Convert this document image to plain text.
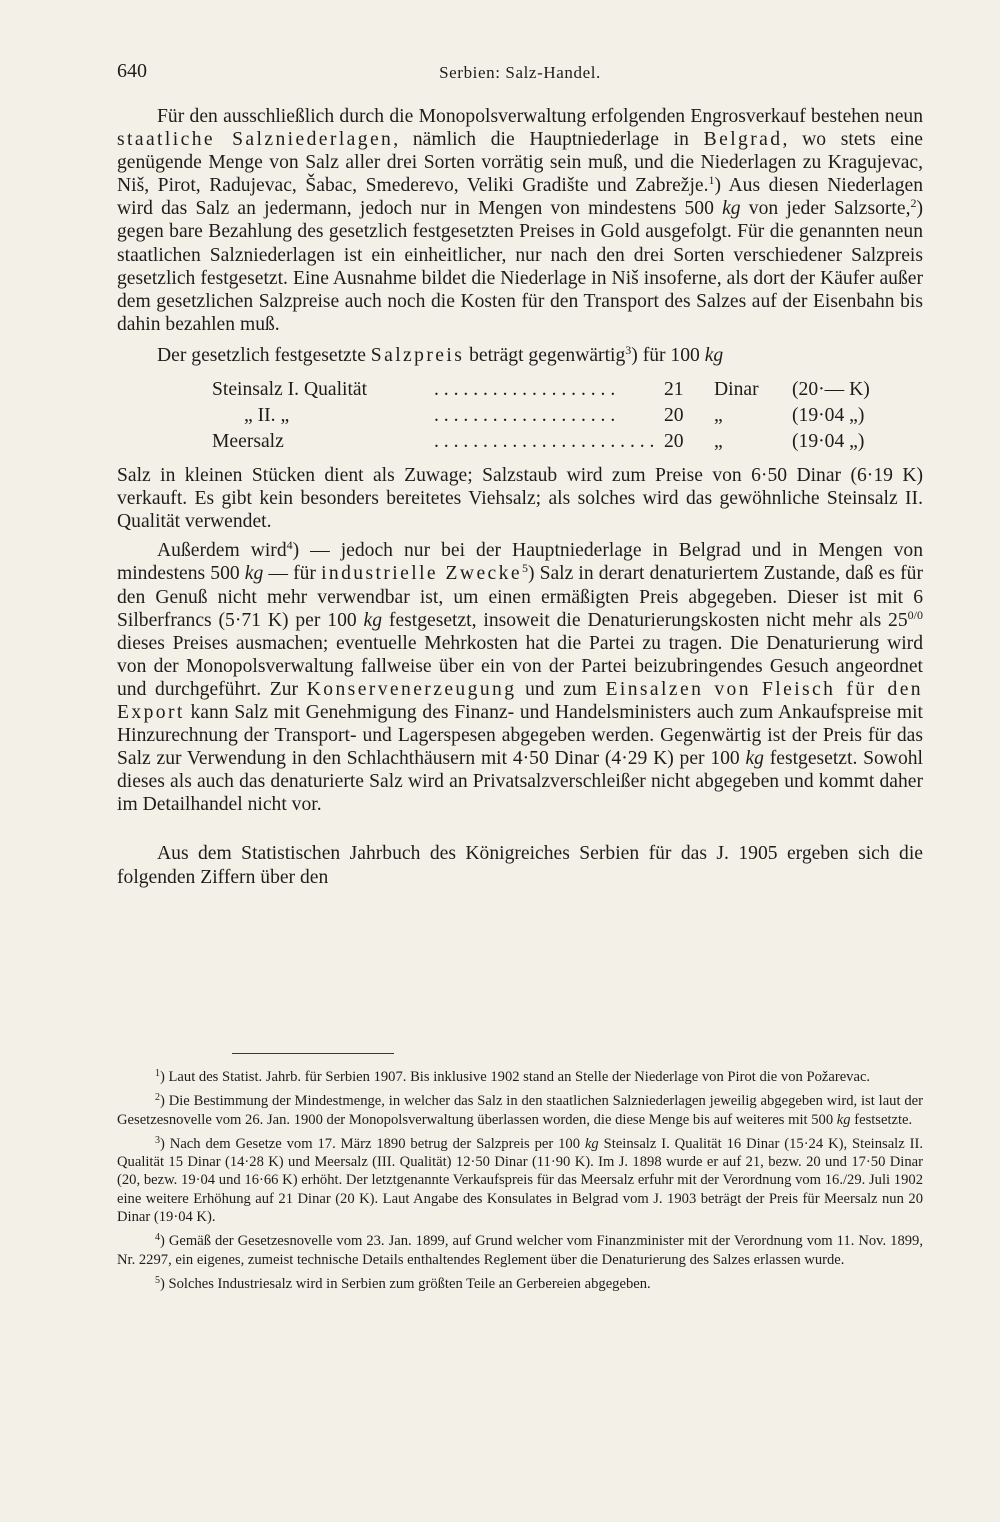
640	Serbien: Salz-Handel.

Für den ausschließlich durch die Monopolsverwaltung erfolgenden Engrosverkauf bestehen neun staatliche Salzniederlagen, nämlich die Hauptniederlage in Belgrad, wo stets eine genügende Menge von Salz aller drei Sorten vorrätig sein muß, und die Niederlagen zu Kragujevac, Niš, Pirot, Radujevac, Šabac, Smederevo, Veliki Gradište und Zabrežje.$^1$) Aus diesen Niederlagen wird das Salz an jedermann, jedoch nur in Mengen von mindestens 500 kg von jeder Salzsorte,$^2$) gegen bare Bezahlung des gesetzlich festgesetzten Preises in Gold ausgefolgt. Für die genannten neun staatlichen Salzniederlagen ist ein einheitlicher, nur nach den drei Sorten verschiedener Salzpreis gesetzlich festgesetzt. Eine Ausnahme bildet die Niederlage in Niš insoferne, als dort der Käufer außer dem gesetzlichen Salzpreise auch noch die Kosten für den Transport des Salzes auf der Eisenbahn bis dahin bezahlen muß.

Der gesetzlich festgesetzte Salzpreis beträgt gegenwärtig$^3$) für 100 kg

Steinsalz I. Qualität	. . . . . . . . . . . . . . . . . . .	21	Dinar	(20·— K)
„ II. „	. . . . . . . . . . . . . . . . . . .	20	„	(19·04 „)
Meersalz	. . . . . . . . . . . . . . . . . . . . . . .	20	„	(19·04 „)

Salz in kleinen Stücken dient als Zuwage; Salzstaub wird zum Preise von 6·50 Dinar (6·19 K) verkauft. Es gibt kein besonders bereitetes Viehsalz; als solches wird das gewöhnliche Steinsalz II. Qualität verwendet.

Außerdem wird$^4$) — jedoch nur bei der Hauptniederlage in Belgrad und in Mengen von mindestens 500 kg — für industrielle Zwecke$^5$) Salz in derart denaturiertem Zustande, daß es für den Genuß nicht mehr verwendbar ist, um einen ermäßigten Preis abgegeben. Dieser ist mit 6 Silberfrancs (5·71 K) per 100 kg festgesetzt, insoweit die Denaturierungskosten nicht mehr als $25^{0/0}$ dieses Preises ausmachen; eventuelle Mehrkosten hat die Partei zu tragen. Die Denaturierung wird von der Monopolsverwaltung fallweise über ein von der Partei beizubringendes Gesuch angeordnet und durchgeführt. Zur Konservenerzeugung und zum Einsalzen von Fleisch für den Export kann Salz mit Genehmigung des Finanz- und Handelsministers auch zum Ankaufspreise mit Hinzurechnung der Transport- und Lagerspesen abgegeben werden. Gegenwärtig ist der Preis für das Salz zur Verwendung in den Schlachthäusern mit 4·50 Dinar (4·29 K) per 100 kg festgesetzt. Sowohl dieses als auch das denaturierte Salz wird an Privatsalzverschleißer nicht abgegeben und kommt daher im Detailhandel nicht vor.

Aus dem Statistischen Jahrbuch des Königreiches Serbien für das J. 1905 ergeben sich die folgenden Ziffern über den

$^1$) Laut des Statist. Jahrb. für Serbien 1907. Bis inklusive 1902 stand an Stelle der Niederlage von Pirot die von Požarevac.

$^2$) Die Bestimmung der Mindestmenge, in welcher das Salz in den staatlichen Salzniederlagen jeweilig abgegeben wird, ist laut der Gesetzesnovelle vom 26. Jan. 1900 der Monopolsverwaltung überlassen worden, die diese Menge bis auf weiteres mit 500 kg festsetzte.

$^3$) Nach dem Gesetze vom 17. März 1890 betrug der Salzpreis per 100 kg Steinsalz I. Qualität 16 Dinar (15·24 K), Steinsalz II. Qualität 15 Dinar (14·28 K) und Meersalz (III. Qualität) 12·50 Dinar (11·90 K). Im J. 1898 wurde er auf 21, bezw. 20 und 17·50 Dinar (20, bezw. 19·04 und 16·66 K) erhöht. Der letztgenannte Verkaufspreis für das Meersalz erfuhr mit der Verordnung vom 16./29. Juli 1902 eine weitere Erhöhung auf 21 Dinar (20 K). Laut Angabe des Konsulates in Belgrad vom J. 1903 beträgt der Preis für Meersalz nun 20 Dinar (19·04 K).

$^4$) Gemäß der Gesetzesnovelle vom 23. Jan. 1899, auf Grund welcher vom Finanzminister mit der Verordnung vom 11. Nov. 1899, Nr. 2297, ein eigenes, zumeist technische Details enthaltendes Reglement über die Denaturierung des Salzes erlassen wurde.

$^5$) Solches Industriesalz wird in Serbien zum größten Teile an Gerbereien abgegeben.
